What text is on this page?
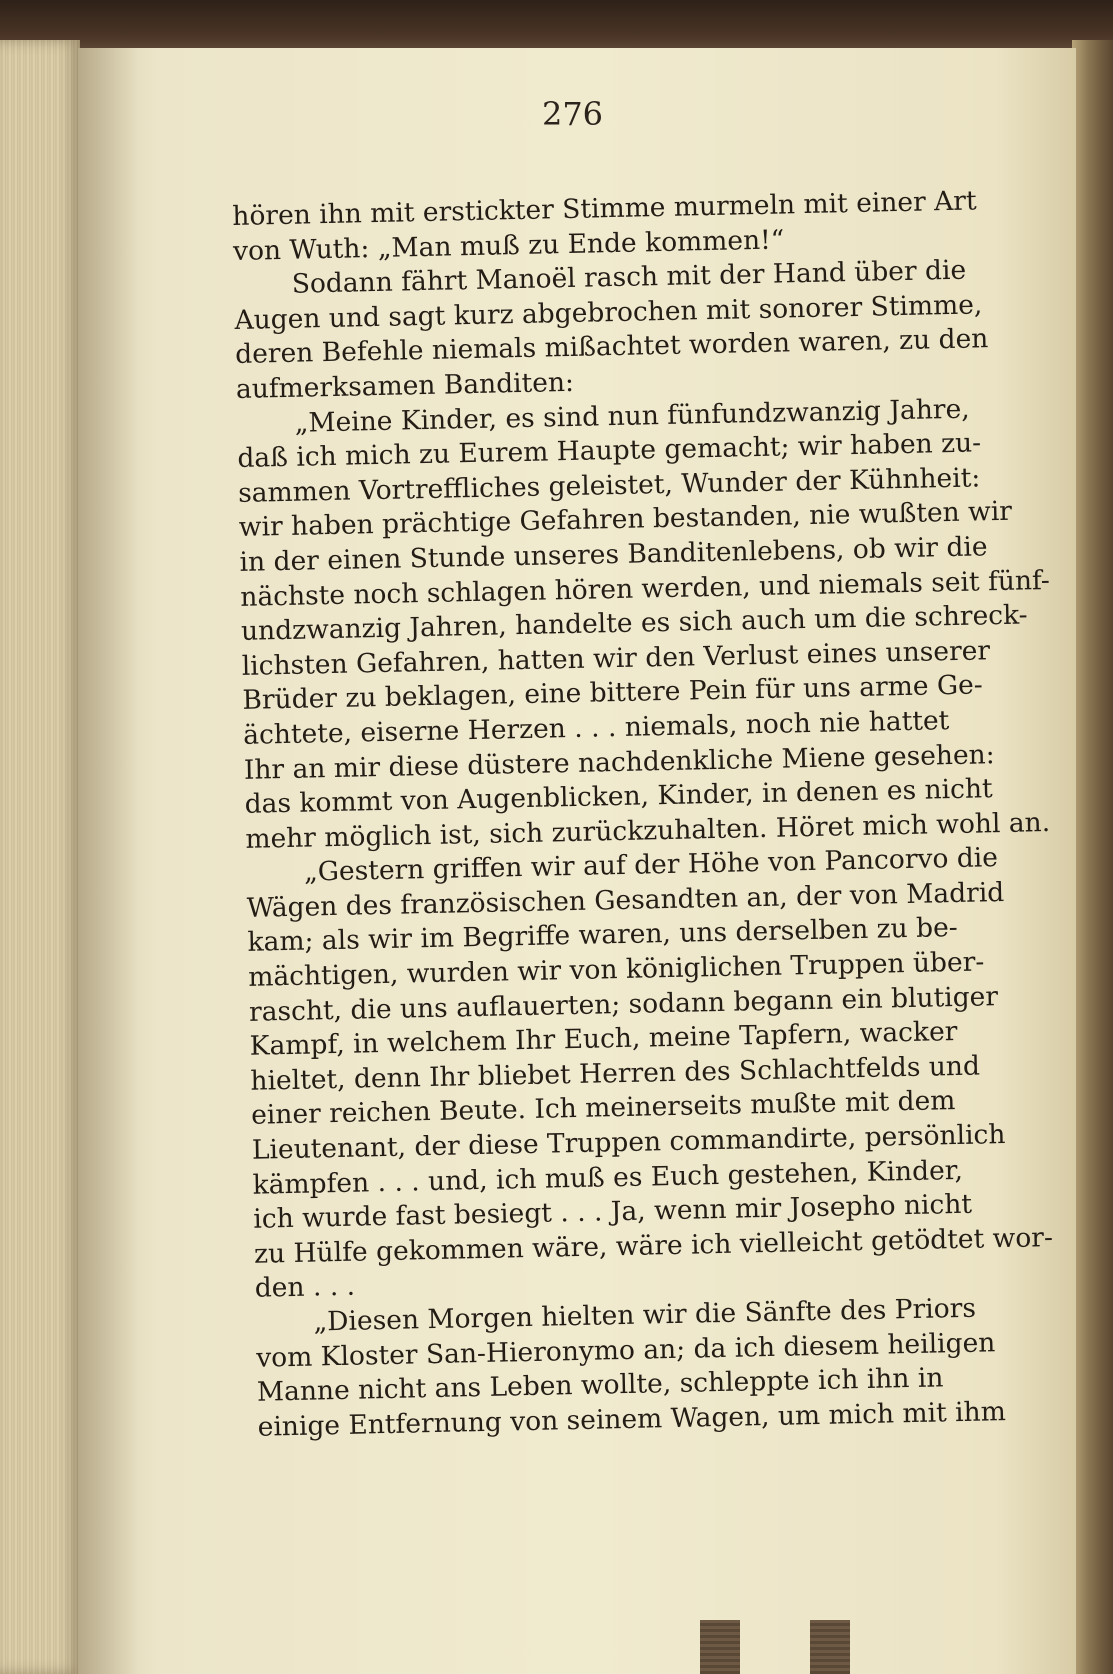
276
hören ihn mit erstickter Stimme murmeln mit einer Art
von Wuth: „Man muß zu Ende kommen!“
Sodann fährt Manoël rasch mit der Hand über die
Augen und sagt kurz abgebrochen mit sonorer Stimme,
deren Befehle niemals mißachtet worden waren, zu den
aufmerksamen Banditen:
„Meine Kinder, es sind nun fünfundzwanzig Jahre,
daß ich mich zu Eurem Haupte gemacht; wir haben zu-
sammen Vortreffliches geleistet, Wunder der Kühnheit:
wir haben prächtige Gefahren bestanden, nie wußten wir
in der einen Stunde unseres Banditenlebens, ob wir die
nächste noch schlagen hören werden, und niemals seit fünf-
undzwanzig Jahren, handelte es sich auch um die schreck-
lichsten Gefahren, hatten wir den Verlust eines unserer
Brüder zu beklagen, eine bittere Pein für uns arme Ge-
ächtete, eiserne Herzen . . . niemals, noch nie hattet
Ihr an mir diese düstere nachdenkliche Miene gesehen:
das kommt von Augenblicken, Kinder, in denen es nicht
mehr möglich ist, sich zurückzuhalten. Höret mich wohl an.
„Gestern griffen wir auf der Höhe von Pancorvo die
Wägen des französischen Gesandten an, der von Madrid
kam; als wir im Begriffe waren, uns derselben zu be-
mächtigen, wurden wir von königlichen Truppen über-
rascht, die uns auflauerten; sodann begann ein blutiger
Kampf, in welchem Ihr Euch, meine Tapfern, wacker
hieltet, denn Ihr bliebet Herren des Schlachtfelds und
einer reichen Beute. Ich meinerseits mußte mit dem
Lieutenant, der diese Truppen commandirte, persönlich
kämpfen . . . und, ich muß es Euch gestehen, Kinder,
ich wurde fast besiegt . . . Ja, wenn mir Josepho nicht
zu Hülfe gekommen wäre, wäre ich vielleicht getödtet wor-
den . . .
„Diesen Morgen hielten wir die Sänfte des Priors
vom Kloster San-Hieronymo an; da ich diesem heiligen
Manne nicht ans Leben wollte, schleppte ich ihn in
einige Entfernung von seinem Wagen, um mich mit ihm
